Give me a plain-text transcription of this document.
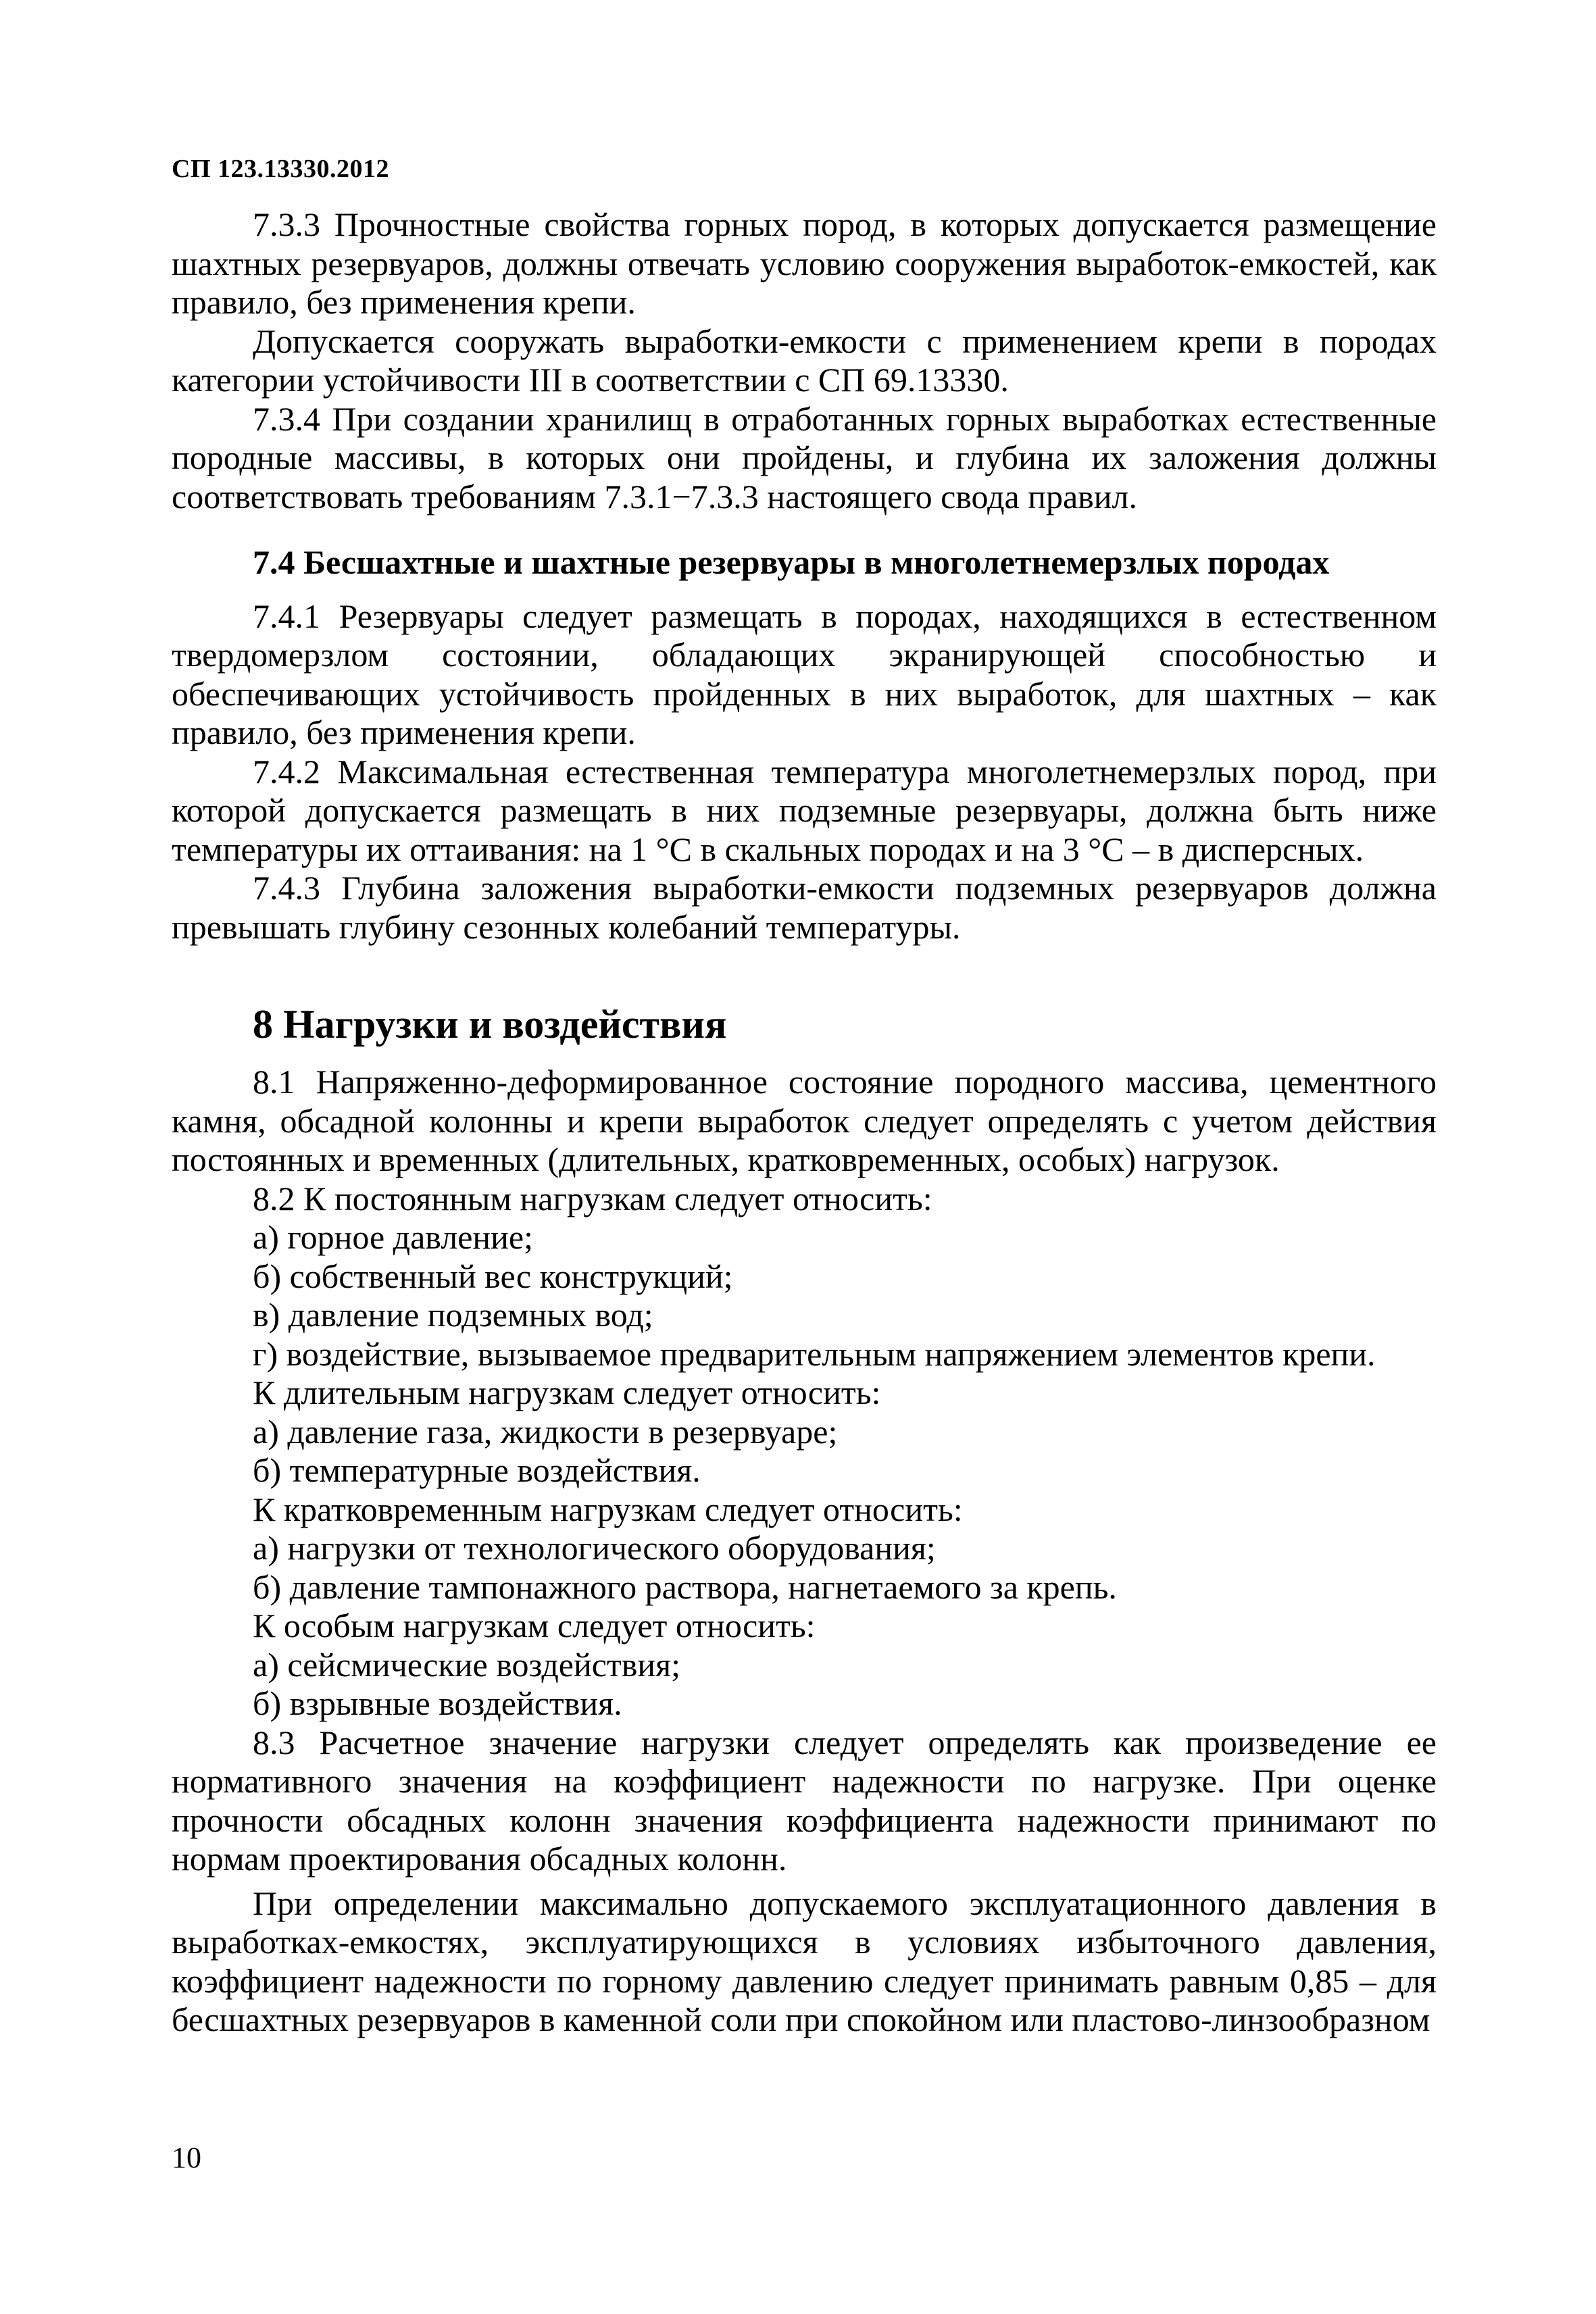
СП 123.13330.2012

7.3.3 Прочностные свойства горных пород, в которых допускается размещение шахтных резервуаров, должны отвечать условию сооружения выработок-емкостей, как правило, без применения крепи.

Допускается сооружать выработки-емкости с применением крепи в породах категории устойчивости III в соответствии с СП 69.13330.

7.3.4 При создании хранилищ в отработанных горных выработках естественные породные массивы, в которых они пройдены, и глубина их заложения должны соответствовать требованиям 7.3.1−7.3.3 настоящего свода правил.

7.4 Бесшахтные и шахтные резервуары в многолетнемерзлых породах

7.4.1 Резервуары следует размещать в породах, находящихся в естественном твердомерзлом состоянии, обладающих экранирующей способностью и обеспечивающих устойчивость пройденных в них выработок, для шахтных – как правило, без применения крепи.

7.4.2 Максимальная естественная температура многолетнемерзлых пород, при которой допускается размещать в них подземные резервуары, должна быть ниже температуры их оттаивания: на 1 °С в скальных породах и на 3 °С – в дисперсных.

7.4.3 Глубина заложения выработки-емкости подземных резервуаров должна превышать глубину сезонных колебаний температуры.

8 Нагрузки и воздействия

8.1 Напряженно-деформированное состояние породного массива, цементного камня, обсадной колонны и крепи выработок следует определять с учетом действия постоянных и временных (длительных, кратковременных, особых) нагрузок.

8.2 К постоянным нагрузкам следует относить:

а) горное давление;

б) собственный вес конструкций;

в) давление подземных вод;

г) воздействие, вызываемое предварительным напряжением элементов крепи.

К длительным нагрузкам следует относить:

а) давление газа, жидкости в резервуаре;

б) температурные воздействия.

К кратковременным нагрузкам следует относить:

а) нагрузки от технологического оборудования;

б) давление тампонажного раствора, нагнетаемого за крепь.

К особым нагрузкам следует относить:

а) сейсмические воздействия;

б) взрывные воздействия.

8.3 Расчетное значение нагрузки следует определять как произведение ее нормативного значения на коэффициент надежности по нагрузке. При оценке прочности обсадных колонн значения коэффициента надежности принимают по нормам проектирования обсадных колонн.

При определении максимально допускаемого эксплуатационного давления в выработках-емкостях, эксплуатирующихся в условиях избыточного давления, коэффициент надежности по горному давлению следует принимать равным 0,85 – для бесшахтных резервуаров в каменной соли при спокойном или пластово-линзообразном

10
